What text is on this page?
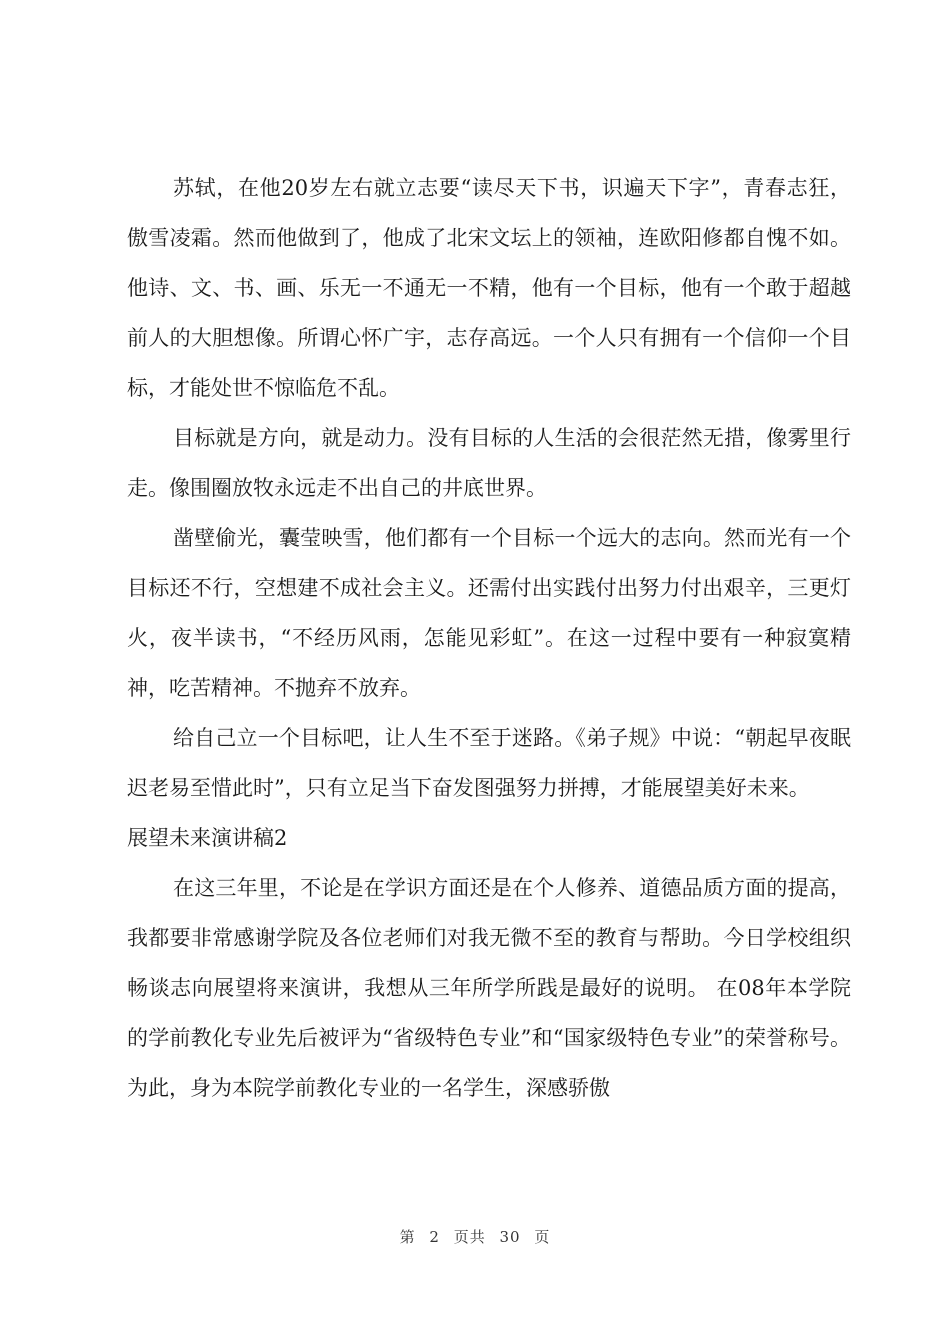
苏轼，在他20岁左右就立志要“读尽天下书，识遍天下字”，青春志狂，傲雪凌霜。然而他做到了，他成了北宋文坛上的领袖，连欧阳修都自愧不如。他诗、文、书、画、乐无一不通无一不精，他有一个目标，他有一个敢于超越前人的大胆想像。所谓心怀广宇，志存高远。一个人只有拥有一个信仰一个目标，才能处世不惊临危不乱。

目标就是方向，就是动力。没有目标的人生活的会很茫然无措，像雾里行走。像围圈放牧永远走不出自己的井底世界。

凿壁偷光，囊莹映雪，他们都有一个目标一个远大的志向。然而光有一个目标还不行，空想建不成社会主义。还需付出实践付出努力付出艰辛，三更灯火，夜半读书，“不经历风雨，怎能见彩虹”。在这一过程中要有一种寂寞精神，吃苦精神。不抛弃不放弃。

给自己立一个目标吧，让人生不至于迷路。《弟子规》中说：“朝起早夜眠迟老易至惜此时”，只有立足当下奋发图强努力拼搏，才能展望美好未来。

展望未来演讲稿2

在这三年里，不论是在学识方面还是在个人修养、道德品质方面的提高，我都要非常感谢学院及各位老师们对我无微不至的教育与帮助。今日学校组织畅谈志向展望将来演讲，我想从三年所学所践是最好的说明。 在08年本学院的学前教化专业先后被评为“省级特色专业”和“国家级特色专业”的荣誉称号。为此，身为本院学前教化专业的一名学生，深感骄傲

第 2 页共 30 页
